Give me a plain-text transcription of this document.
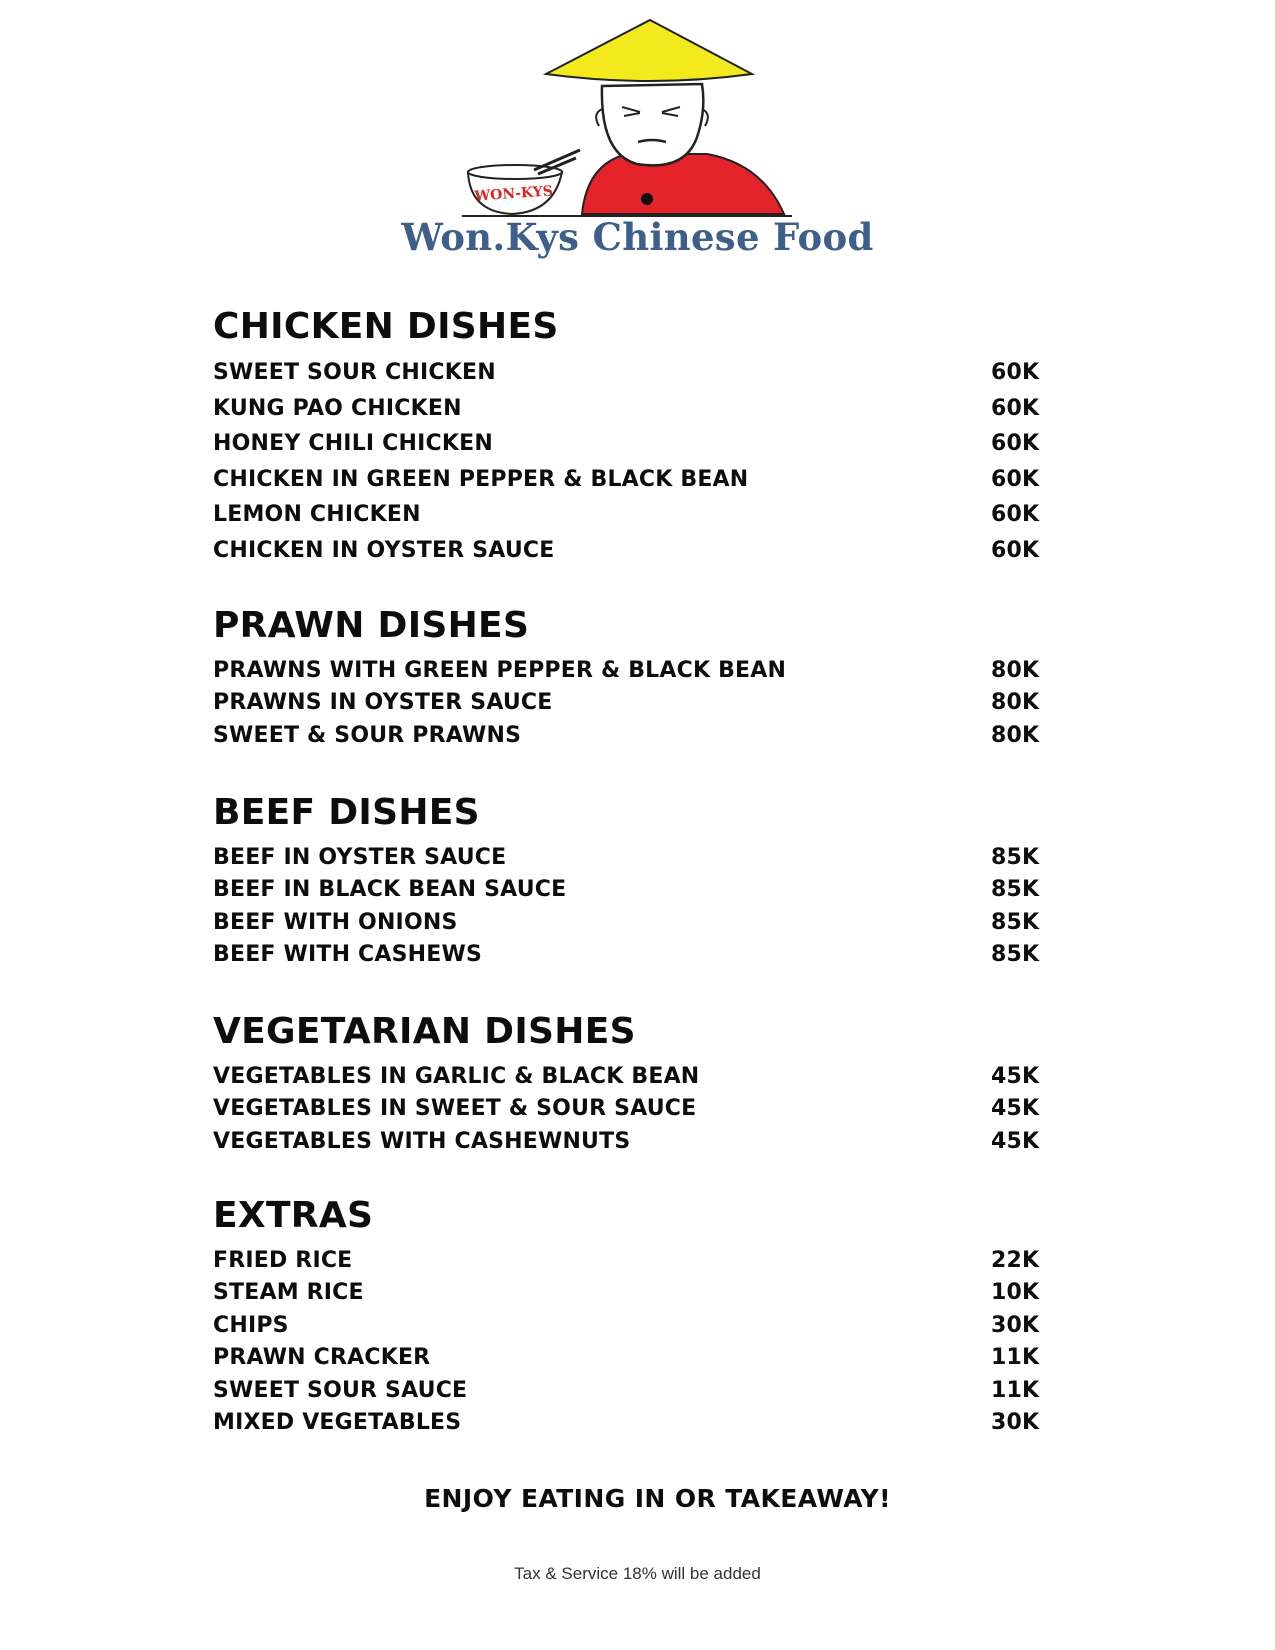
WON-KYS
Won.Kys Chinese Food
CHICKEN DISHES
SWEET SOUR CHICKEN	60K
KUNG PAO CHICKEN	60K
HONEY CHILI CHICKEN	60K
CHICKEN IN GREEN PEPPER & BLACK BEAN	60K
LEMON CHICKEN	60K
CHICKEN IN OYSTER SAUCE	60K
PRAWN DISHES
PRAWNS WITH GREEN PEPPER & BLACK BEAN	80K
PRAWNS IN OYSTER SAUCE	80K
SWEET & SOUR PRAWNS	80K
BEEF DISHES
BEEF IN OYSTER SAUCE	85K
BEEF IN BLACK BEAN SAUCE	85K
BEEF WITH ONIONS	85K
BEEF WITH CASHEWS	85K
VEGETARIAN DISHES
VEGETABLES IN GARLIC & BLACK BEAN	45K
VEGETABLES IN SWEET & SOUR SAUCE	45K
VEGETABLES WITH CASHEWNUTS	45K
EXTRAS
FRIED RICE	22K
STEAM RICE	10K
CHIPS	30K
PRAWN CRACKER	11K
SWEET SOUR SAUCE	11K
MIXED VEGETABLES	30K
ENJOY EATING IN OR TAKEAWAY!
Tax & Service 18% will be added
